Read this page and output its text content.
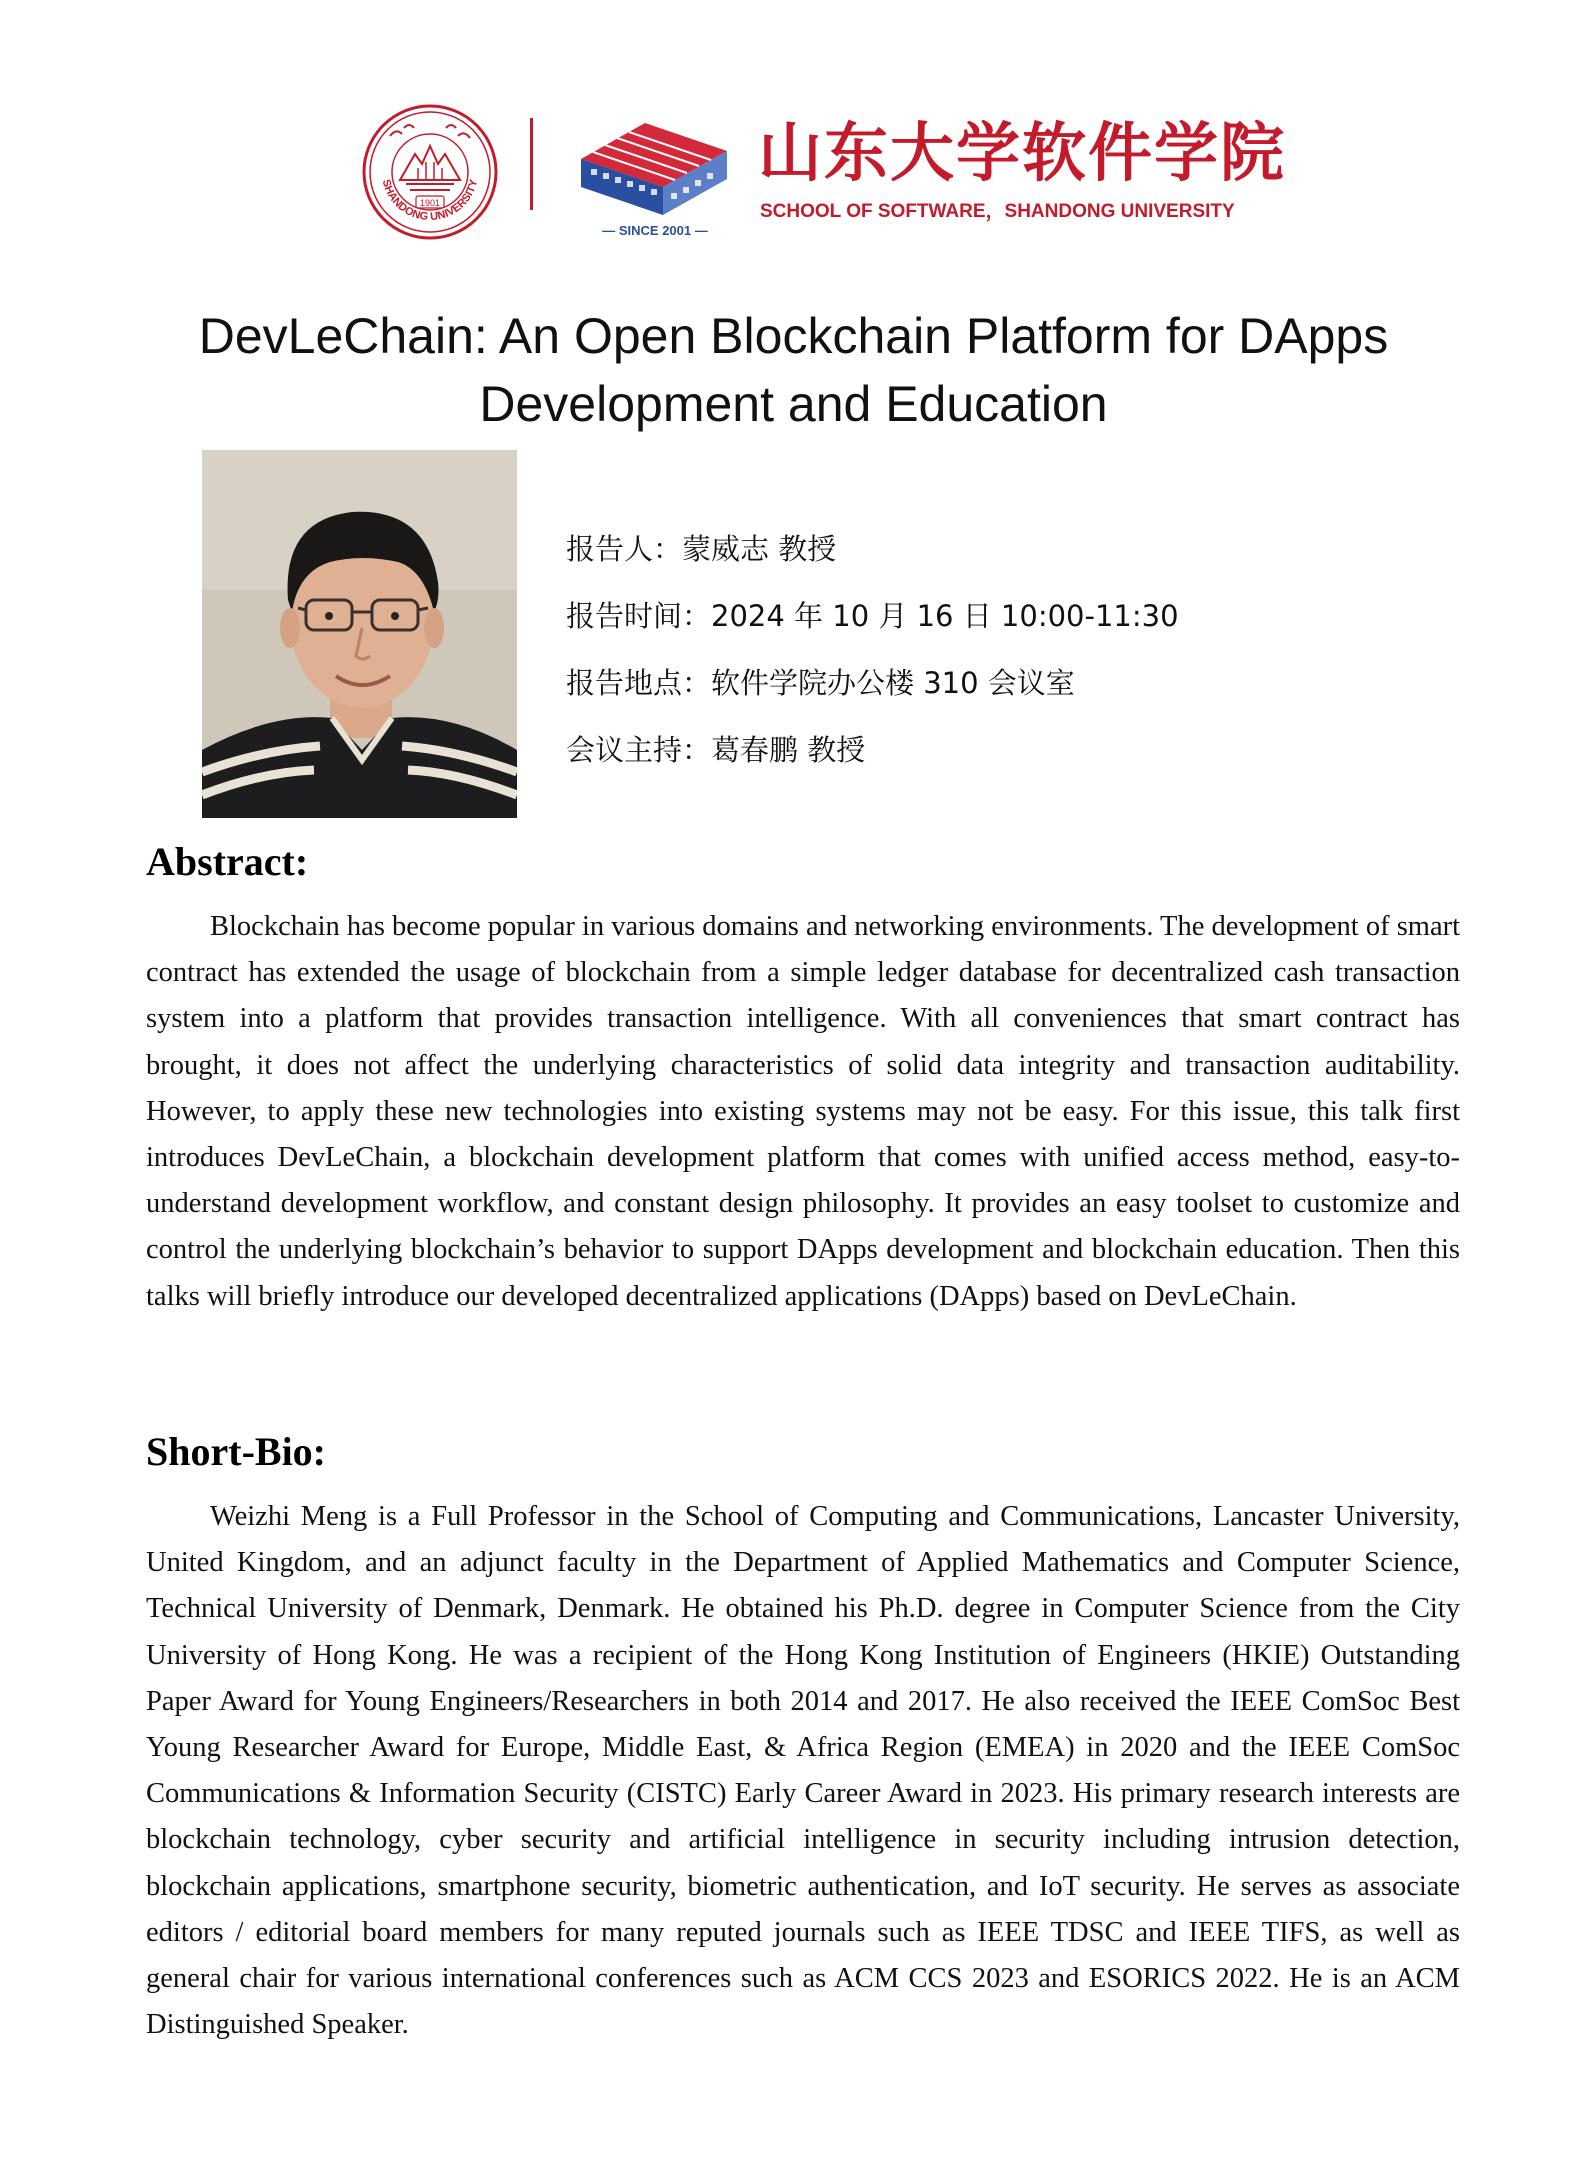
1901
SHANDONG UNIVERSITY
— SINCE 2001 —
山东大学软件学院
SCHOOL OF SOFTWARE，SHANDONG UNIVERSITY
DevLeChain: An Open Blockchain Platform for DApps
Development and Education
报告人：蒙威志 教授
报告时间：2024 年 10 月 16 日 10:00-11:30
报告地点：软件学院办公楼 310 会议室
会议主持：葛春鹏 教授
Abstract:

Blockchain has become popular in various domains and networking environments. The development of smart contract has extended the usage of blockchain from a simple ledger database for decentralized cash transaction system into a platform that provides transaction intelligence. With all conveniences that smart contract has brought, it does not affect the underlying characteristics of solid data integrity and transaction auditability. However, to apply these new technologies into existing systems may not be easy. For this issue, this talk first introduces DevLeChain, a blockchain development platform that comes with unified access method, easy-to-understand development workflow, and constant design philosophy. It provides an easy toolset to customize and control the underlying blockchain’s behavior to support DApps development and blockchain education. Then this talks will briefly introduce our developed decentralized applications (DApps) based on DevLeChain.

Short-Bio:

Weizhi Meng is a Full Professor in the School of Computing and Communications, Lancaster University, United Kingdom, and an adjunct faculty in the Department of Applied Mathematics and Computer Science, Technical University of Denmark, Denmark. He obtained his Ph.D. degree in Computer Science from the City University of Hong Kong. He was a recipient of the Hong Kong Institution of Engineers (HKIE) Outstanding Paper Award for Young Engineers/Researchers in both 2014 and 2017. He also received the IEEE ComSoc Best Young Researcher Award for Europe, Middle East, & Africa Region (EMEA) in 2020 and the IEEE ComSoc Communications & Information Security (CISTC) Early Career Award in 2023. His primary research interests are blockchain technology, cyber security and artificial intelligence in security including intrusion detection, blockchain applications, smartphone security, biometric authentication, and IoT security. He serves as associate editors / editorial board members for many reputed journals such as IEEE TDSC and IEEE TIFS, as well as general chair for various international conferences such as ACM CCS 2023 and ESORICS 2022. He is an ACM Distinguished Speaker.
